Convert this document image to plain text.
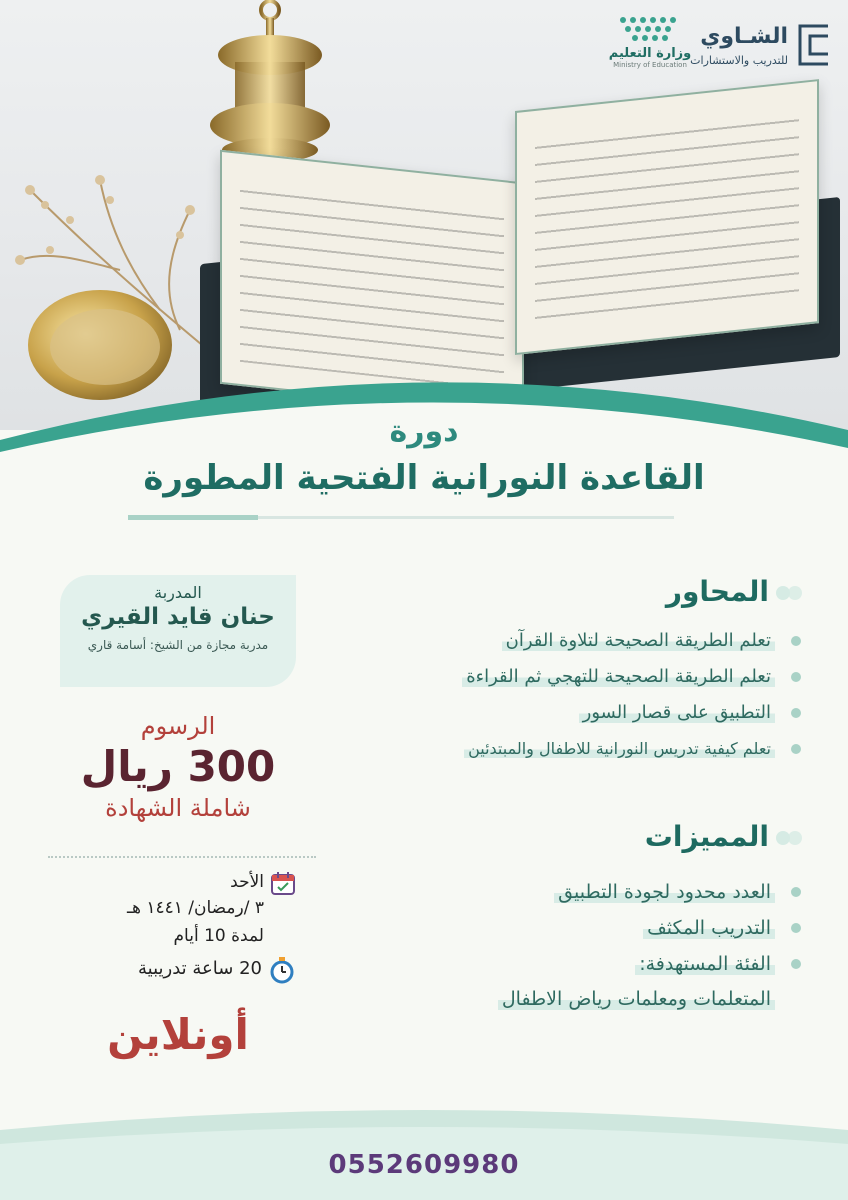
وزارة التعليم
Ministry of Education
الشـاوي
للتدريب والاستشارات
دورة
القاعدة النورانية الفتحية المطورة
المحاور
تعلم الطريقة الصحيحة لتلاوة القرآن
تعلم الطريقة الصحيحة للتهجي ثم القراءة
التطبيق على قصار السور
تعلم كيفية تدريس النورانية للاطفال والمبتدئين
المميزات
العدد محدود لجودة التطبيق
التدريب المكثف
الفئة المستهدفة:
المتعلمات ومعلمات رياض الاطفال
المدربة
حنان قايد القيري
مدربة مجازة من الشيخ: أسامة قاري
الرسوم
300 ريال
شاملة الشهادة
الأحد
٣ /رمضان/ ١٤٤١ هـ
لمدة 10 أيام
20 ساعة تدريبية
أونلاين
0552609980
